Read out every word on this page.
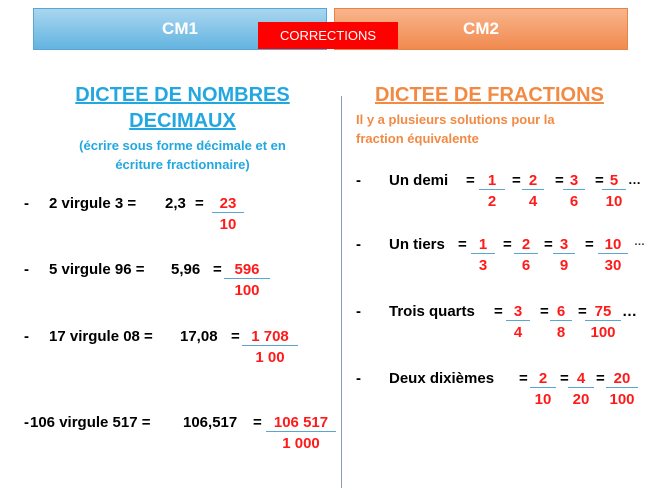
CM1	CM2
CORRECTIONS
DICTEE DE NOMBRES
DECIMAUX
(écrire sous forme décimale et en
écriture fractionnaire)
- 2 virgule $3 = 2,3 = \frac{23}{10}$
- 5 virgule $96 = 5,96 = \frac{596}{100}$
- 17 virgule $08 = 17,08 = \frac{1 708}{1 00}$
- 106 virgule $517 = 106,517 = \frac{106 517}{1 000}$
DICTEE DE FRACTIONS
Il y a plusieurs solutions pour la
fraction équivalente
- Un demi = $\frac{1}{2} = \frac{2}{4} = \frac{3}{6}$ =
$\frac{5}{10}$ …
- Un tiers = $\frac{1}{3} = \frac{2}{6} = \frac{3}{9} = \frac{10}{30}$ …
- Trois quarts = $\frac{3}{4} = \frac{6}{8}$ =
$\frac{75}{100}$ …
- Deux dixièmes = $\frac{2}{10} = \frac{4}{20} = \frac{20}{100}$
